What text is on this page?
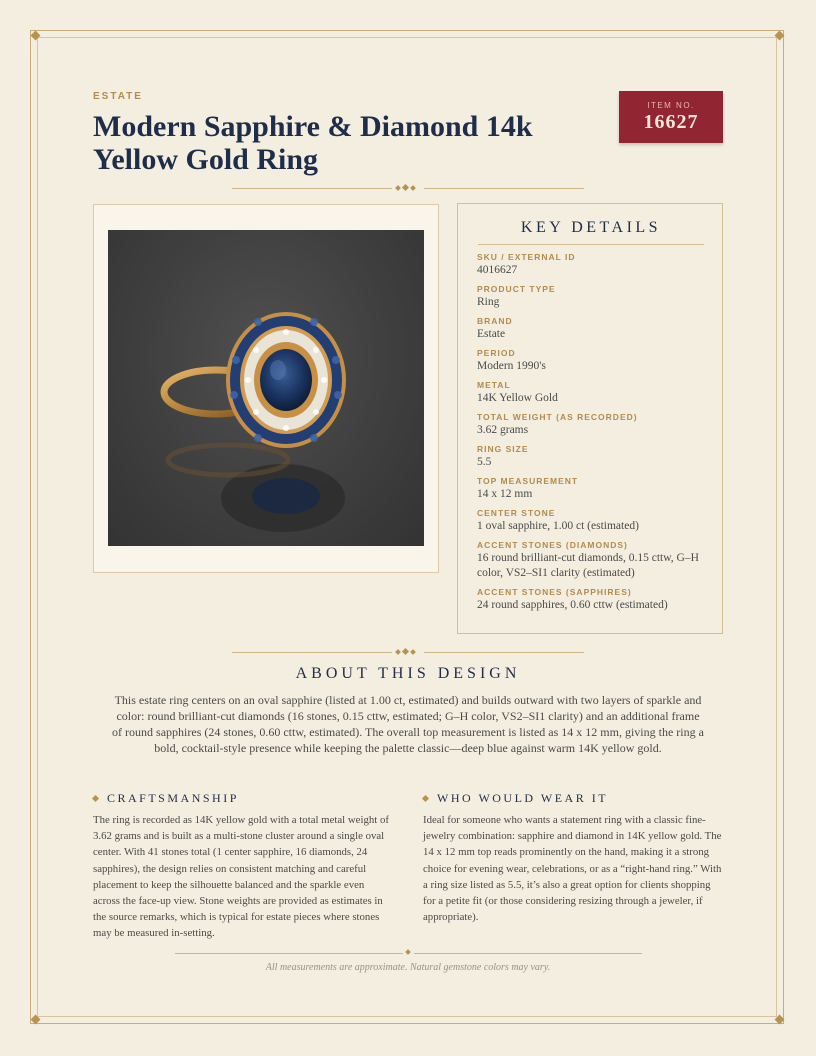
ESTATE
Modern Sapphire & Diamond 14k Yellow Gold Ring
ITEM NO.
16627
KEY DETAILS
SKU / EXTERNAL ID
4016627
PRODUCT TYPE
Ring
BRAND
Estate
PERIOD
Modern 1990's
METAL
14K Yellow Gold
TOTAL WEIGHT (AS RECORDED)
3.62 grams
RING SIZE
5.5
TOP MEASUREMENT
14 x 12 mm
CENTER STONE
1 oval sapphire, 1.00 ct (estimated)
ACCENT STONES (DIAMONDS)
16 round brilliant-cut diamonds, 0.15 cttw, G–H color, VS2–SI1 clarity (estimated)
ACCENT STONES (SAPPHIRES)
24 round sapphires, 0.60 cttw (estimated)
ABOUT THIS DESIGN
This estate ring centers on an oval sapphire (listed at 1.00 ct, estimated) and builds outward with two layers of sparkle and color: round brilliant-cut diamonds (16 stones, 0.15 cttw, estimated; G–H color, VS2–SI1 clarity) and an additional frame of round sapphires (24 stones, 0.60 cttw, estimated). The overall top measurement is listed as 14 x 12 mm, giving the ring a bold, cocktail-style presence while keeping the palette classic—deep blue against warm 14K yellow gold.
CRAFTSMANSHIP
The ring is recorded as 14K yellow gold with a total metal weight of 3.62 grams and is built as a multi-stone cluster around a single oval center. With 41 stones total (1 center sapphire, 16 diamonds, 24 sapphires), the design relies on consistent matching and careful placement to keep the silhouette balanced and the sparkle even across the face-up view. Stone weights are provided as estimates in the source remarks, which is typical for estate pieces where stones may be measured in-setting.
WHO WOULD WEAR IT
Ideal for someone who wants a statement ring with a classic fine-jewelry combination: sapphire and diamond in 14K yellow gold. The 14 x 12 mm top reads prominently on the hand, making it a strong choice for evening wear, celebrations, or as a “right-hand ring.” With a ring size listed as 5.5, it’s also a great option for clients shopping for a petite fit (or those considering resizing through a jeweler, if appropriate).
All measurements are approximate. Natural gemstone colors may vary.
